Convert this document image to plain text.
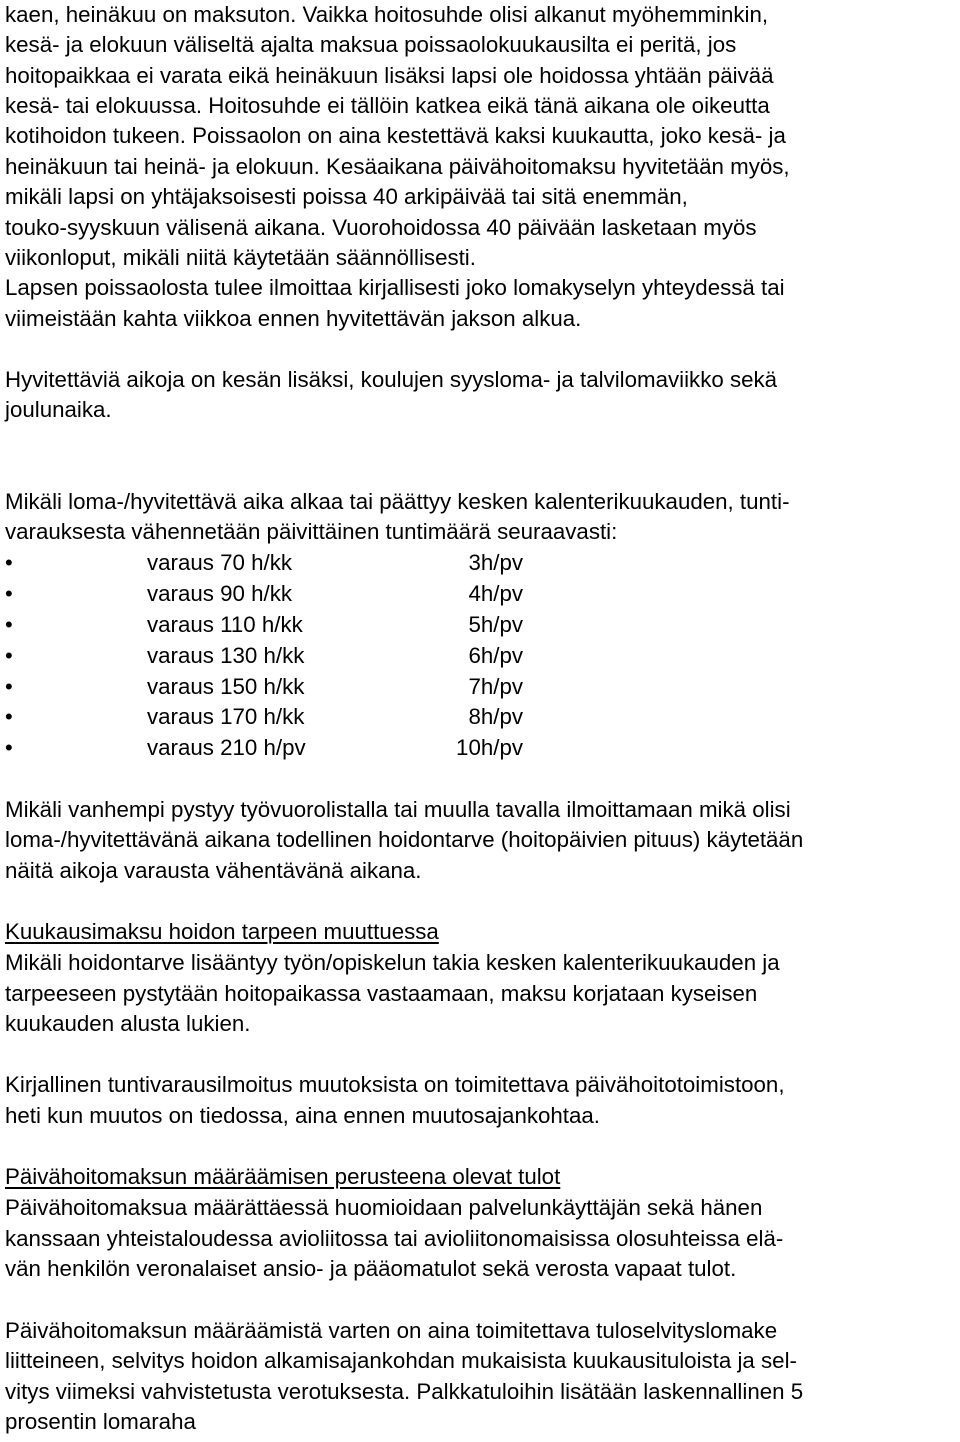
kaen, heinäkuu on maksuton. Vaikka hoitosuhde olisi alkanut myöhemminkin,
kesä- ja elokuun väliseltä ajalta maksua poissaolokuukausilta ei peritä, jos
hoitopaikkaa ei varata eikä heinäkuun lisäksi lapsi ole hoidossa yhtään päivää
kesä- tai elokuussa. Hoitosuhde ei tällöin katkea eikä tänä aikana ole oikeutta
kotihoidon tukeen. Poissaolon on aina kestettävä kaksi kuukautta, joko kesä- ja
heinäkuun tai heinä- ja elokuun. Kesäaikana päivähoitomaksu hyvitetään myös,
mikäli lapsi on yhtäjaksoisesti poissa 40 arkipäivää tai sitä enemmän,
touko-syyskuun välisenä aikana. Vuorohoidossa 40 päivään lasketaan myös
viikonloput, mikäli niitä käytetään säännöllisesti.
Lapsen poissaolosta tulee ilmoittaa kirjallisesti joko lomakyselyn yhteydessä tai
viimeistään kahta viikkoa ennen hyvitettävän jakson alkua.
Hyvitettäviä aikoja on kesän lisäksi, koulujen syysloma- ja talvilomaviikko sekä
joulunaika.
Mikäli loma-/hyvitettävä aika alkaa tai päättyy kesken kalenterikuukauden, tunti-
varauksesta vähennetään päivittäinen tuntimäärä seuraavasti:
•	varaus 70 h/kk	3h/pv
•	varaus 90 h/kk	4h/pv
•	varaus 110 h/kk	5h/pv
•	varaus 130 h/kk	6h/pv
•	varaus 150 h/kk	7h/pv
•	varaus 170 h/kk	8h/pv
•	varaus 210 h/pv	10h/pv
Mikäli vanhempi pystyy työvuorolistalla tai muulla tavalla ilmoittamaan mikä olisi
loma-/hyvitettävänä aikana todellinen hoidontarve (hoitopäivien pituus) käytetään
näitä aikoja varausta vähentävänä aikana.
Kuukausimaksu hoidon tarpeen muuttuessa
Mikäli hoidontarve lisääntyy työn/opiskelun takia kesken kalenterikuukauden ja
tarpeeseen pystytään hoitopaikassa vastaamaan, maksu korjataan kyseisen
kuukauden alusta lukien.
Kirjallinen tuntivarausilmoitus muutoksista on toimitettava päivähoitotoimistoon,
heti kun muutos on tiedossa, aina ennen muutosajankohtaa.
Päivähoitomaksun määräämisen perusteena olevat tulot
Päivähoitomaksua määrättäessä huomioidaan palvelunkäyttäjän sekä hänen
kanssaan yhteistaloudessa avioliitossa tai avioliitonomaisissa olosuhteissa elä-
vän henkilön veronalaiset ansio- ja pääomatulot sekä verosta vapaat tulot.
Päivähoitomaksun määräämistä varten on aina toimitettava tuloselvityslomake
liitteineen, selvitys hoidon alkamisajankohdan mukaisista kuukausituloista ja sel-
vitys viimeksi vahvistetusta verotuksesta. Palkkatuloihin lisätään laskennallinen 5
prosentin lomaraha
